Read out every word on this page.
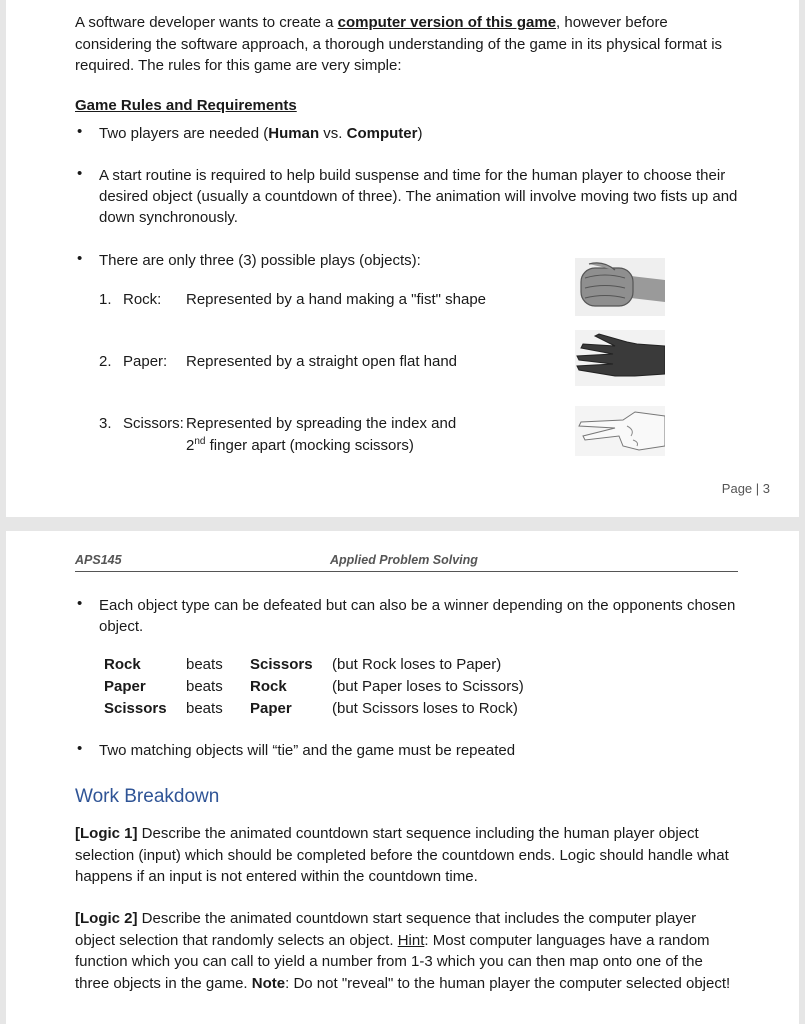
A software developer wants to create a computer version of this game, however before considering the software approach, a thorough understanding of the game in its physical format is required. The rules for this game are very simple:

Game Rules and Requirements
• Two players are needed (Human vs. Computer)

• A start routine is required to help build suspense and time for the human player to choose their desired object (usually a countdown of three). The animation will involve moving two fists up and down synchronously.

• There are only three (3) possible plays (objects):

1. Rock: Represented by a hand making a "fist" shape
2. Paper: Represented by a straight open flat hand
3. Scissors: Represented by spreading the index and
2nd finger apart (mocking scissors)
Page | 3
APS145	Applied Problem Solving
• Each object type can be defeated but can also be a winner depending on the opponents chosen object.

Rock	beats	Scissors	(but Rock loses to Paper)
Paper	beats	Rock	(but Paper loses to Scissors)
Scissors	beats	Paper	(but Scissors loses to Rock)
• Two matching objects will “tie” and the game must be repeated

Work Breakdown

[Logic 1] Describe the animated countdown start sequence including the human player object selection (input) which should be completed before the countdown ends. Logic should handle what happens if an input is not entered within the countdown time.

[Logic 2] Describe the animated countdown start sequence that includes the computer player object selection that randomly selects an object. Hint: Most computer languages have a random function which you can call to yield a number from 1-3 which you can then map onto one of the three objects in the game. Note: Do not "reveal" to the human player the computer selected object!
